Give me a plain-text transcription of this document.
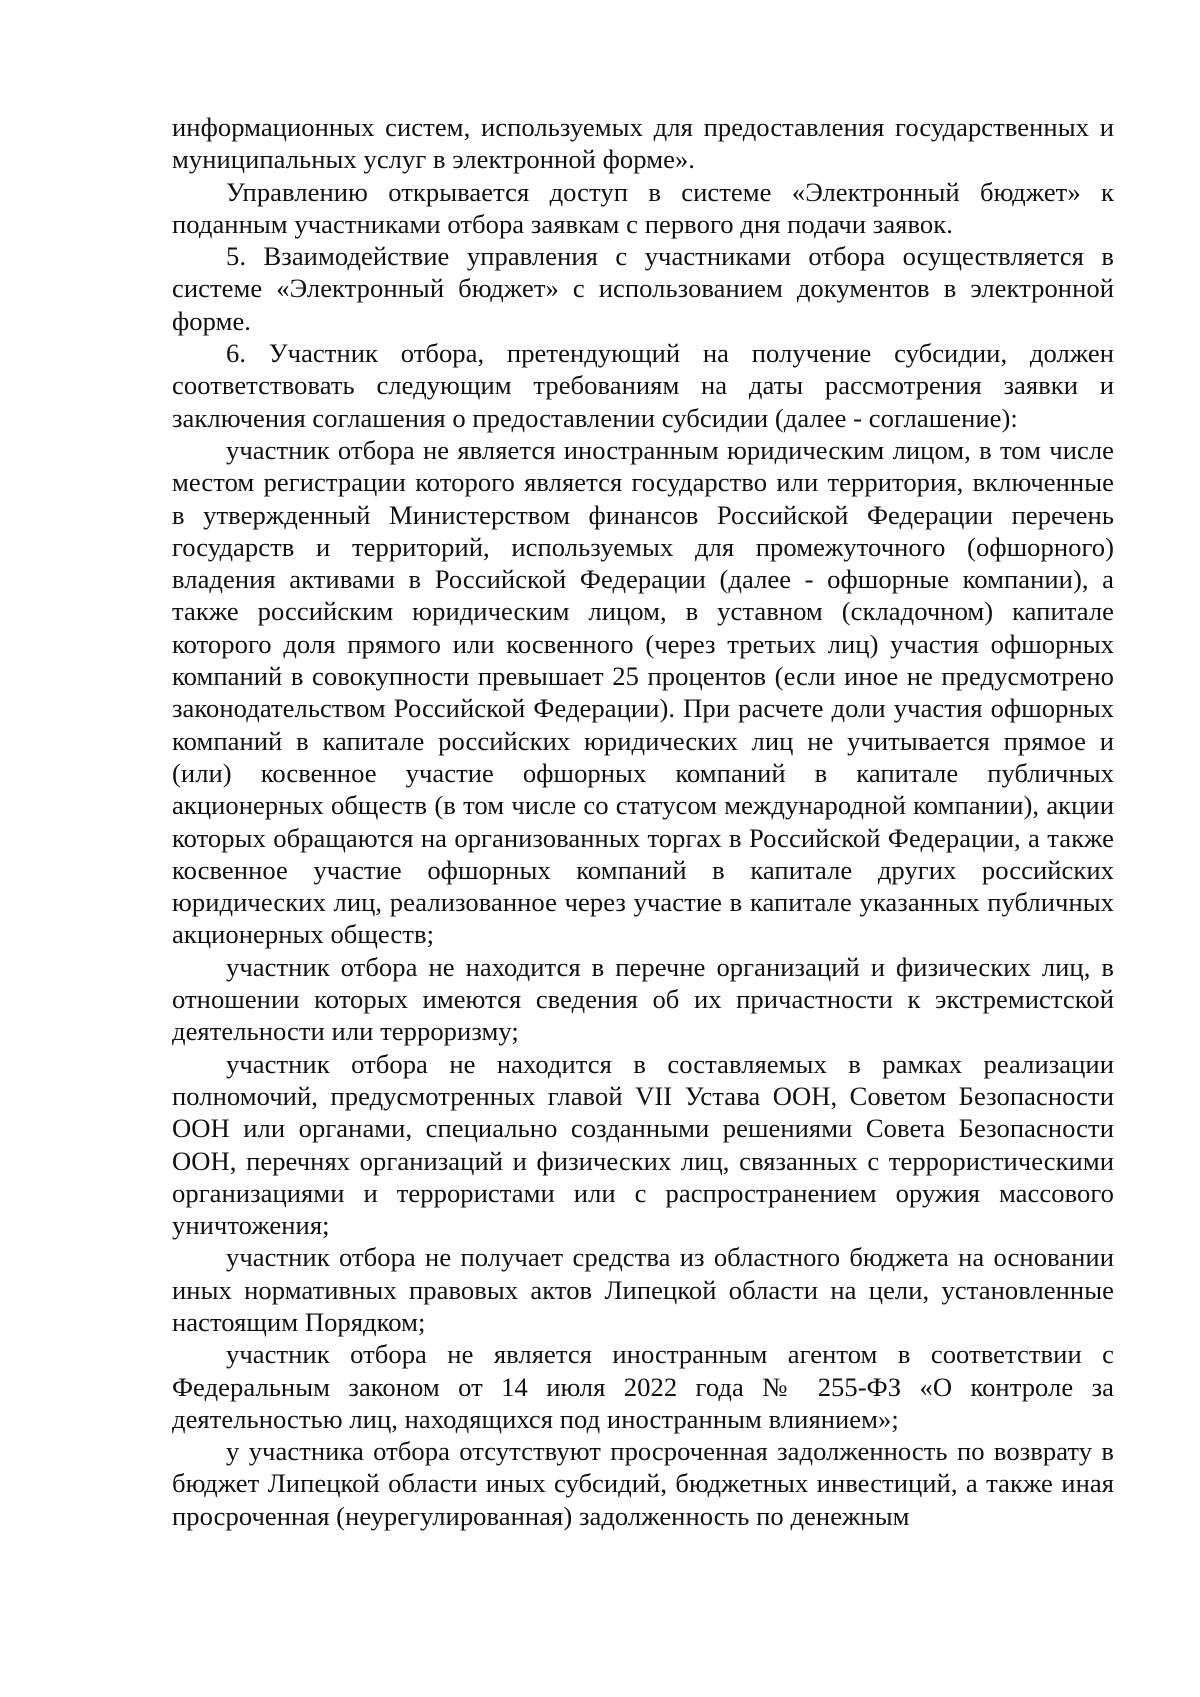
информационных систем, используемых для предоставления государственных и муниципальных услуг в электронной форме».

Управлению открывается доступ в системе «Электронный бюджет» к поданным участниками отбора заявкам с первого дня подачи заявок.

5. Взаимодействие управления с участниками отбора осуществляется в системе «Электронный бюджет» с использованием документов в электронной форме.

6. Участник отбора, претендующий на получение субсидии, должен соответствовать следующим требованиям на даты рассмотрения заявки и заключения соглашения о предоставлении субсидии (далее - соглашение):

участник отбора не является иностранным юридическим лицом, в том числе местом регистрации которого является государство или территория, включенные в утвержденный Министерством финансов Российской Федерации перечень государств и территорий, используемых для промежуточного (офшорного) владения активами в Российской Федерации (далее - офшорные компании), а также российским юридическим лицом, в уставном (складочном) капитале которого доля прямого или косвенного (через третьих лиц) участия офшорных компаний в совокупности превышает 25 процентов (если иное не предусмотрено законодательством Российской Федерации). При расчете доли участия офшорных компаний в капитале российских юридических лиц не учитывается прямое и (или) косвенное участие офшорных компаний в капитале публичных акционерных обществ (в том числе со статусом международной компании), акции которых обращаются на организованных торгах в Российской Федерации, а также косвенное участие офшорных компаний в капитале других российских юридических лиц, реализованное через участие в капитале указанных публичных акционерных обществ;

участник отбора не находится в перечне организаций и физических лиц, в отношении которых имеются сведения об их причастности к экстремистской деятельности или терроризму;

участник отбора не находится в составляемых в рамках реализации полномочий, предусмотренных главой VII Устава ООН, Советом Безопасности ООН или органами, специально созданными решениями Совета Безопасности ООН, перечнях организаций и физических лиц, связанных с террористическими организациями и террористами или с распространением оружия массового уничтожения;

участник отбора не получает средства из областного бюджета на основании иных нормативных правовых актов Липецкой области на цели, установленные настоящим Порядком;

участник отбора не является иностранным агентом в соответствии с Федеральным законом от 14 июля 2022 года № 255-ФЗ «О контроле за деятельностью лиц, находящихся под иностранным влиянием»;

у участника отбора отсутствуют просроченная задолженность по возврату в бюджет Липецкой области иных субсидий, бюджетных инвестиций, а также иная просроченная (неурегулированная) задолженность по денежным
